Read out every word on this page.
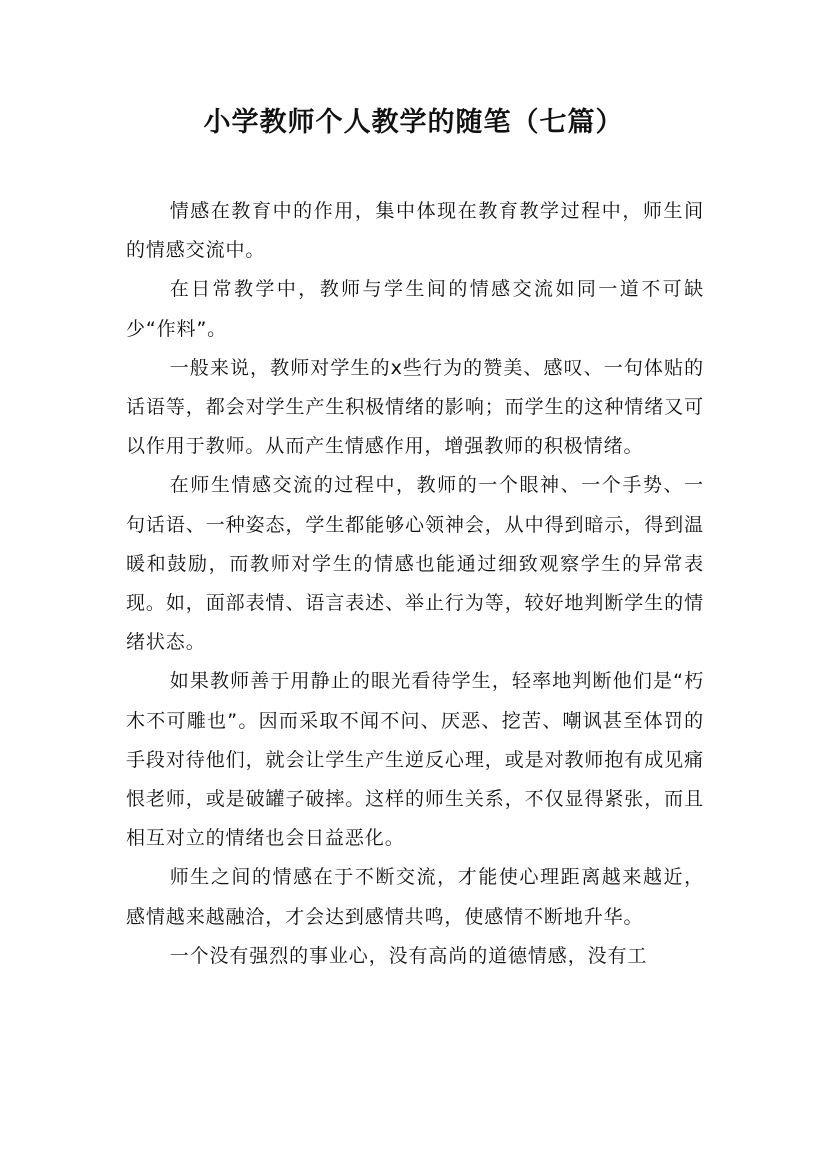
小学教师个人教学的随笔（七篇）

情感在教育中的作用，集中体现在教育教学过程中，师生间的情感交流中。

在日常教学中，教师与学生间的情感交流如同一道不可缺少“作料”。

一般来说，教师对学生的x些行为的赞美、感叹、一句体贴的话语等，都会对学生产生积极情绪的影响；而学生的这种情绪又可以作用于教师。从而产生情感作用，增强教师的积极情绪。

在师生情感交流的过程中，教师的一个眼神、一个手势、一句话语、一种姿态，学生都能够心领神会，从中得到暗示，得到温暖和鼓励，而教师对学生的情感也能通过细致观察学生的异常表现。如，面部表情、语言表述、举止行为等，较好地判断学生的情绪状态。

如果教师善于用静止的眼光看待学生，轻率地判断他们是“朽木不可雕也”。因而采取不闻不问、厌恶、挖苦、嘲讽甚至体罚的手段对待他们，就会让学生产生逆反心理，或是对教师抱有成见痛恨老师，或是破罐子破摔。这样的师生关系，不仅显得紧张，而且相互对立的情绪也会日益恶化。

师生之间的情感在于不断交流，才能使心理距离越来越近，感情越来越融洽，才会达到感情共鸣，使感情不断地升华。

一个没有强烈的事业心，没有高尚的道德情感，没有工
